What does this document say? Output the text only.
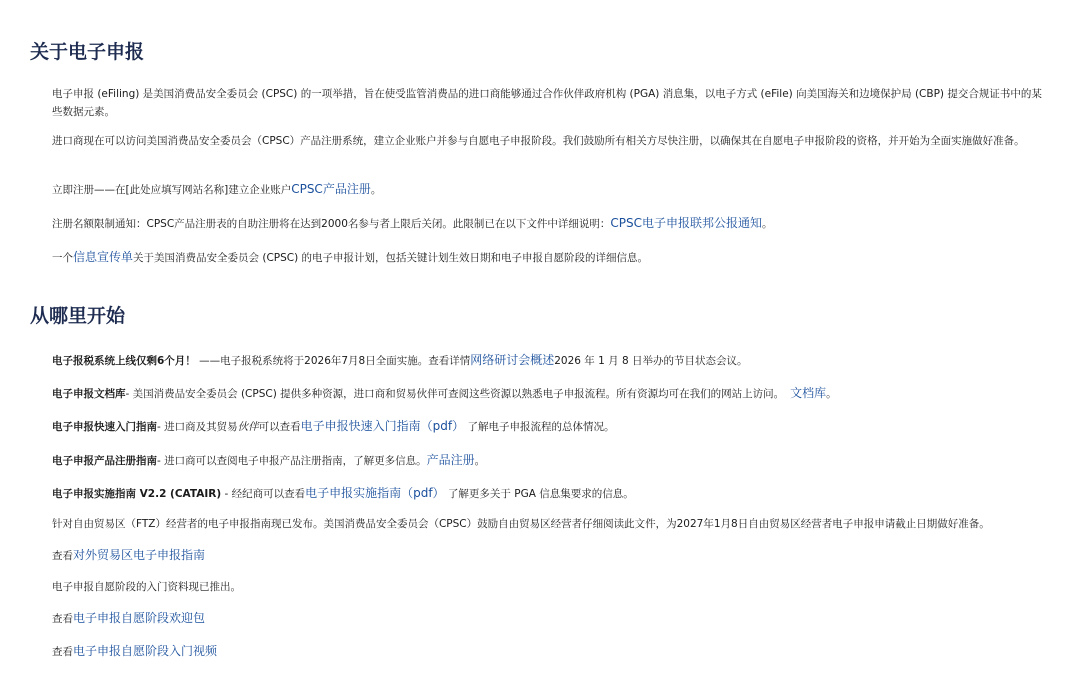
关于电子申报

电子申报 (eFiling) 是美国消费品安全委员会 (CPSC) 的一项举措，旨在使受监管消费品的进口商能够通过合作伙伴政府机构 (PGA) 消息集，以电子方式 (eFile) 向美国海关和边境保护局 (CBP) 提交合规证书中的某些数据元素。

进口商现在可以访问美国消费品安全委员会（CPSC）产品注册系统，建立企业账户并参与自愿电子申报阶段。我们鼓励所有相关方尽快注册，以确保其在自愿电子申报阶段的资格，并开始为全面实施做好准备。

立即注册——在[此处应填写网站名称]建立企业账户CPSC产品注册。

注册名额限制通知：CPSC产品注册表的自助注册将在达到2000名参与者上限后关闭。此限制已在以下文件中详细说明：CPSC电子申报联邦公报通知。

一个信息宣传单关于美国消费品安全委员会 (CPSC) 的电子申报计划，包括关键计划生效日期和电子申报自愿阶段的详细信息。

从哪里开始

电子报税系统上线仅剩6个月！ ——电子报税系统将于2026年7月8日全面实施。查看详情网络研讨会概述2026 年 1 月 8 日举办的节目状态会议。

电子申报文档库- 美国消费品安全委员会 (CPSC) 提供多种资源，进口商和贸易伙伴可查阅这些资源以熟悉电子申报流程。所有资源均可在我们的网站上访问。 文档库。

电子申报快速入门指南- 进口商及其贸易伙伴可以查看电子申报快速入门指南（pdf） 了解电子申报流程的总体情况。

电子申报产品注册指南- 进口商可以查阅电子申报产品注册指南，了解更多信息。产品注册。

电子申报实施指南 V2.2 (CATAIR) - 经纪商可以查看电子申报实施指南（pdf） 了解更多关于 PGA 信息集要求的信息。

针对自由贸易区（FTZ）经营者的电子申报指南现已发布。美国消费品安全委员会（CPSC）鼓励自由贸易区经营者仔细阅读此文件，为2027年1月8日自由贸易区经营者电子申报申请截止日期做好准备。

查看对外贸易区电子申报指南

电子申报自愿阶段的入门资料现已推出。

查看电子申报自愿阶段欢迎包

查看电子申报自愿阶段入门视频
